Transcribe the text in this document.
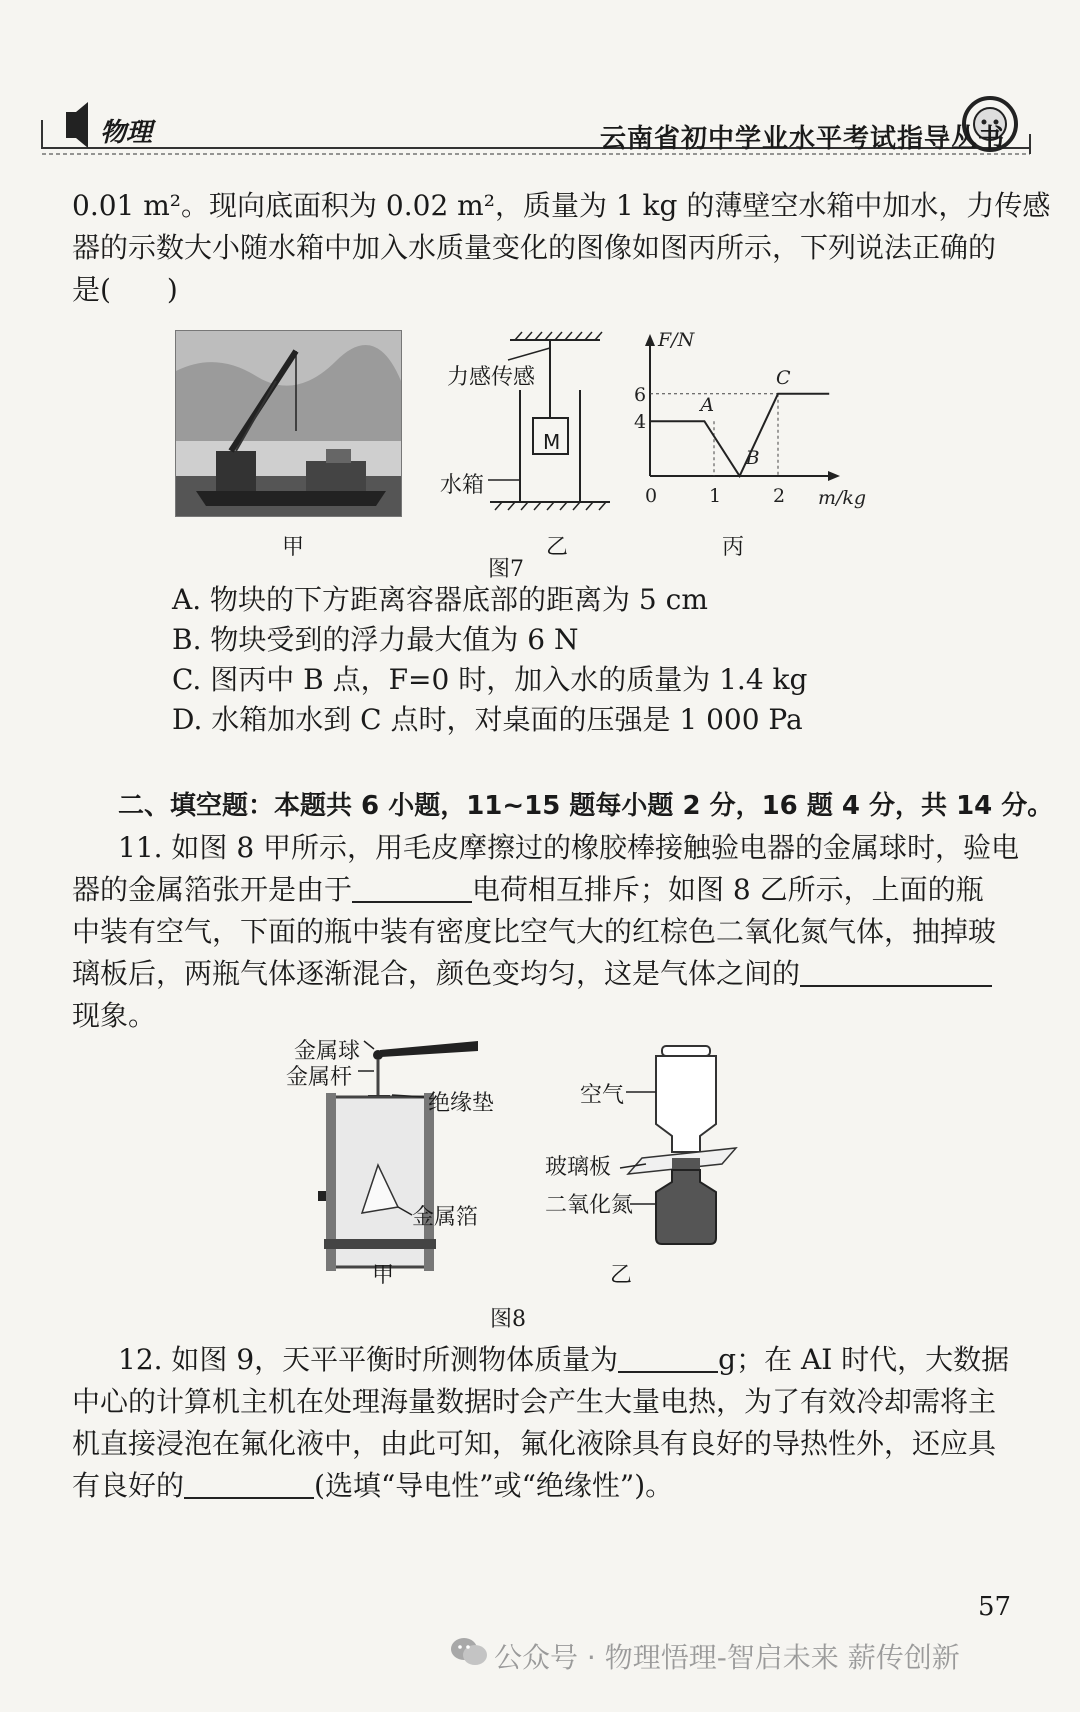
物理	云南省初中学业水平考试指导丛书
0.01 m²。现向底面积为 0.02 m²，质量为 1 kg 的薄壁空水箱中加水，力传感
器的示数大小随水箱中加入水质量变化的图像如图丙所示，下列说法正确的
是(　　)
甲
力感传感
M
水箱
乙
A
B
C
0	1	2
4
6
m/kg
F/N
丙
图7
A. 物块的下方距离容器底部的距离为 5 cm
B. 物块受到的浮力最大值为 6 N
C. 图丙中 B 点，F=0 时，加入水的质量为 1.4 kg
D. 水箱加水到 C 点时，对桌面的压强是 1 000 Pa
二、填空题：本题共 6 小题，11~15 题每小题 2 分，16 题 4 分，共 14 分。
11. 如图 8 甲所示，用毛皮摩擦过的橡胶棒接触验电器的金属球时，验电
器的金属箔张开是由于	电荷相互排斥；如图 8 乙所示，上面的瓶
中装有空气，下面的瓶中装有密度比空气大的红棕色二氧化氮气体，抽掉玻
璃板后，两瓶气体逐渐混合，颜色变均匀，这是气体之间的
现象。
金属球
金属杆
绝缘垫
金属箔
甲
空气
玻璃板
二氧化氮
乙
图8
12. 如图 9，天平平衡时所测物体质量为	g；在 AI 时代，大数据
中心的计算机主机在处理海量数据时会产生大量电热，为了有效冷却需将主
机直接浸泡在氟化液中，由此可知，氟化液除具有良好的导热性外，还应具
有良好的	(选填“导电性”或“绝缘性”)。
57
公众号 · 物理悟理-智启未来 薪传创新
